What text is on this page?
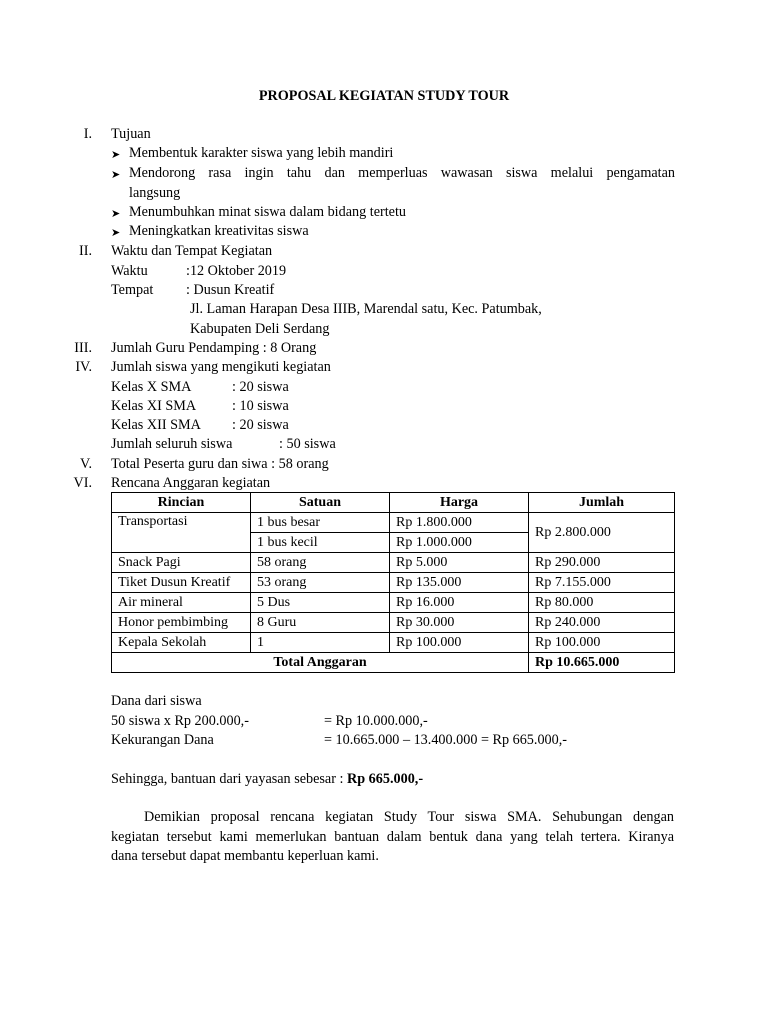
PROPOSAL KEGIATAN STUDY TOUR
I. Tujuan
➤ Membentuk karakter siswa yang lebih mandiri
➤ Mendorong rasa ingin tahu dan memperluas wawasan siswa melalui pengamatan
langsung
➤ Menumbuhkan minat siswa dalam bidang tertetu
➤ Meningkatkan kreativitas siswa
II. Waktu dan Tempat Kegiatan
Waktu	:12 Oktober 2019
Tempat : Dusun Kreatif
Jl. Laman Harapan Desa IIIB, Marendal satu, Kec. Patumbak,
Kabupaten Deli Serdang
III. Jumlah Guru Pendamping : 8 Orang
IV. Jumlah siswa yang mengikuti kegiatan
Kelas X SMA	: 20 siswa
Kelas XI SMA	: 10 siswa
Kelas XII SMA : 20 siswa
Jumlah seluruh siswa	: 50 siswa
V. Total Peserta guru dan siwa : 58 orang
VI. Rencana Anggaran kegiatan
Rincian	Satuan	Harga	Jumlah
Transportasi	1 bus besar	Rp 1.800.000	Rp 2.800.000
	1 bus kecil	Rp 1.000.000	
Snack Pagi	58 orang	Rp 5.000	Rp 290.000
Tiket Dusun Kreatif	53 orang	Rp 135.000	Rp 7.155.000
Air mineral	5 Dus	Rp 16.000	Rp 80.000
Honor pembimbing	8 Guru	Rp 30.000	Rp 240.000
Kepala Sekolah	1	Rp 100.000	Rp 100.000
Total Anggaran			Rp 10.665.000
Dana dari siswa
50 siswa x Rp 200.000,-	= Rp 10.000.000,-
Kekurangan Dana	= 10.665.000 – 13.400.000 = Rp 665.000,-
Sehingga, bantuan dari yayasan sebesar : Rp 665.000,-
Demikian proposal rencana kegiatan Study Tour siswa SMA. Sehubungan dengan
kegiatan tersebut kami memerlukan bantuan dalam bentuk dana yang telah tertera. Kiranya
dana tersebut dapat membantu keperluan kami.
